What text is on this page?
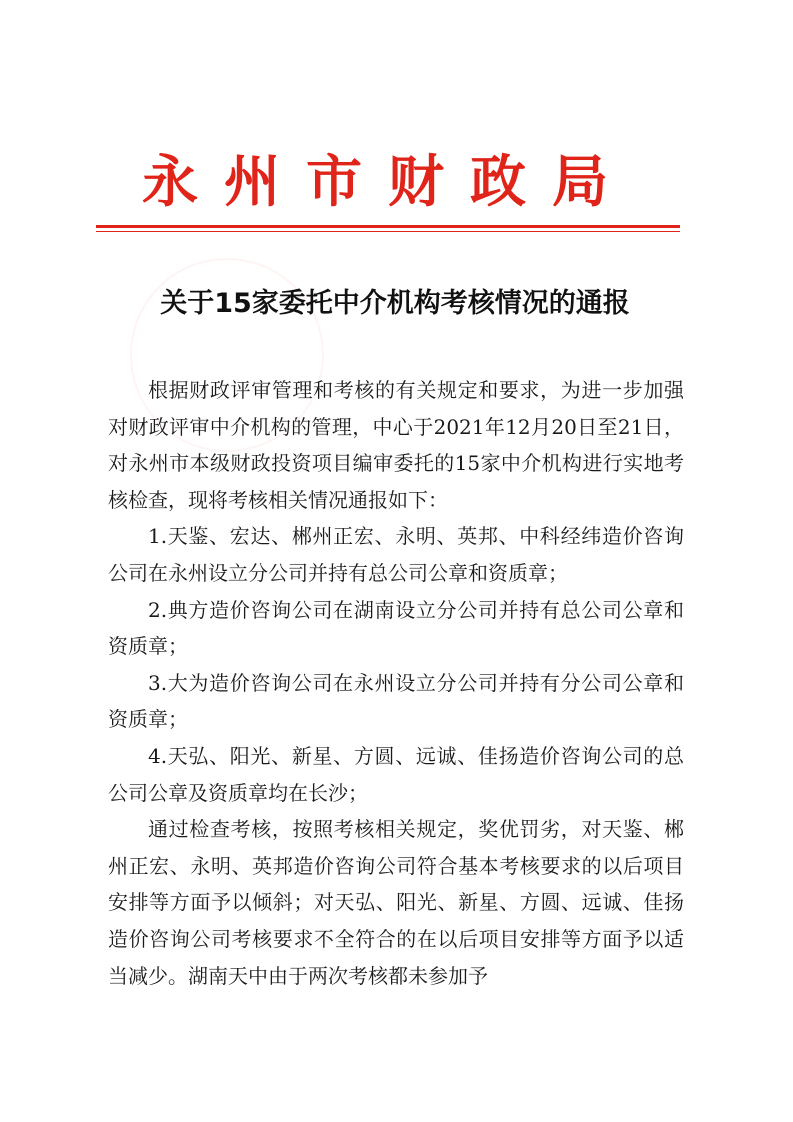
永州市财政局
关于15家委托中介机构考核情况的通报

根据财政评审管理和考核的有关规定和要求，为进一步加强对财政评审中介机构的管理，中心于2021年12月20日至21日，对永州市本级财政投资项目编审委托的15家中介机构进行实地考核检查，现将考核相关情况通报如下：

1.天鉴、宏达、郴州正宏、永明、英邦、中科经纬造价咨询公司在永州设立分公司并持有总公司公章和资质章；

2.典方造价咨询公司在湖南设立分公司并持有总公司公章和资质章；

3.大为造价咨询公司在永州设立分公司并持有分公司公章和资质章；

4.天弘、阳光、新星、方圆、远诚、佳扬造价咨询公司的总公司公章及资质章均在长沙；

通过检查考核，按照考核相关规定，奖优罚劣，对天鉴、郴州正宏、永明、英邦造价咨询公司符合基本考核要求的以后项目安排等方面予以倾斜；对天弘、阳光、新星、方圆、远诚、佳扬造价咨询公司考核要求不全符合的在以后项目安排等方面予以适当减少。湖南天中由于两次考核都未参加予
